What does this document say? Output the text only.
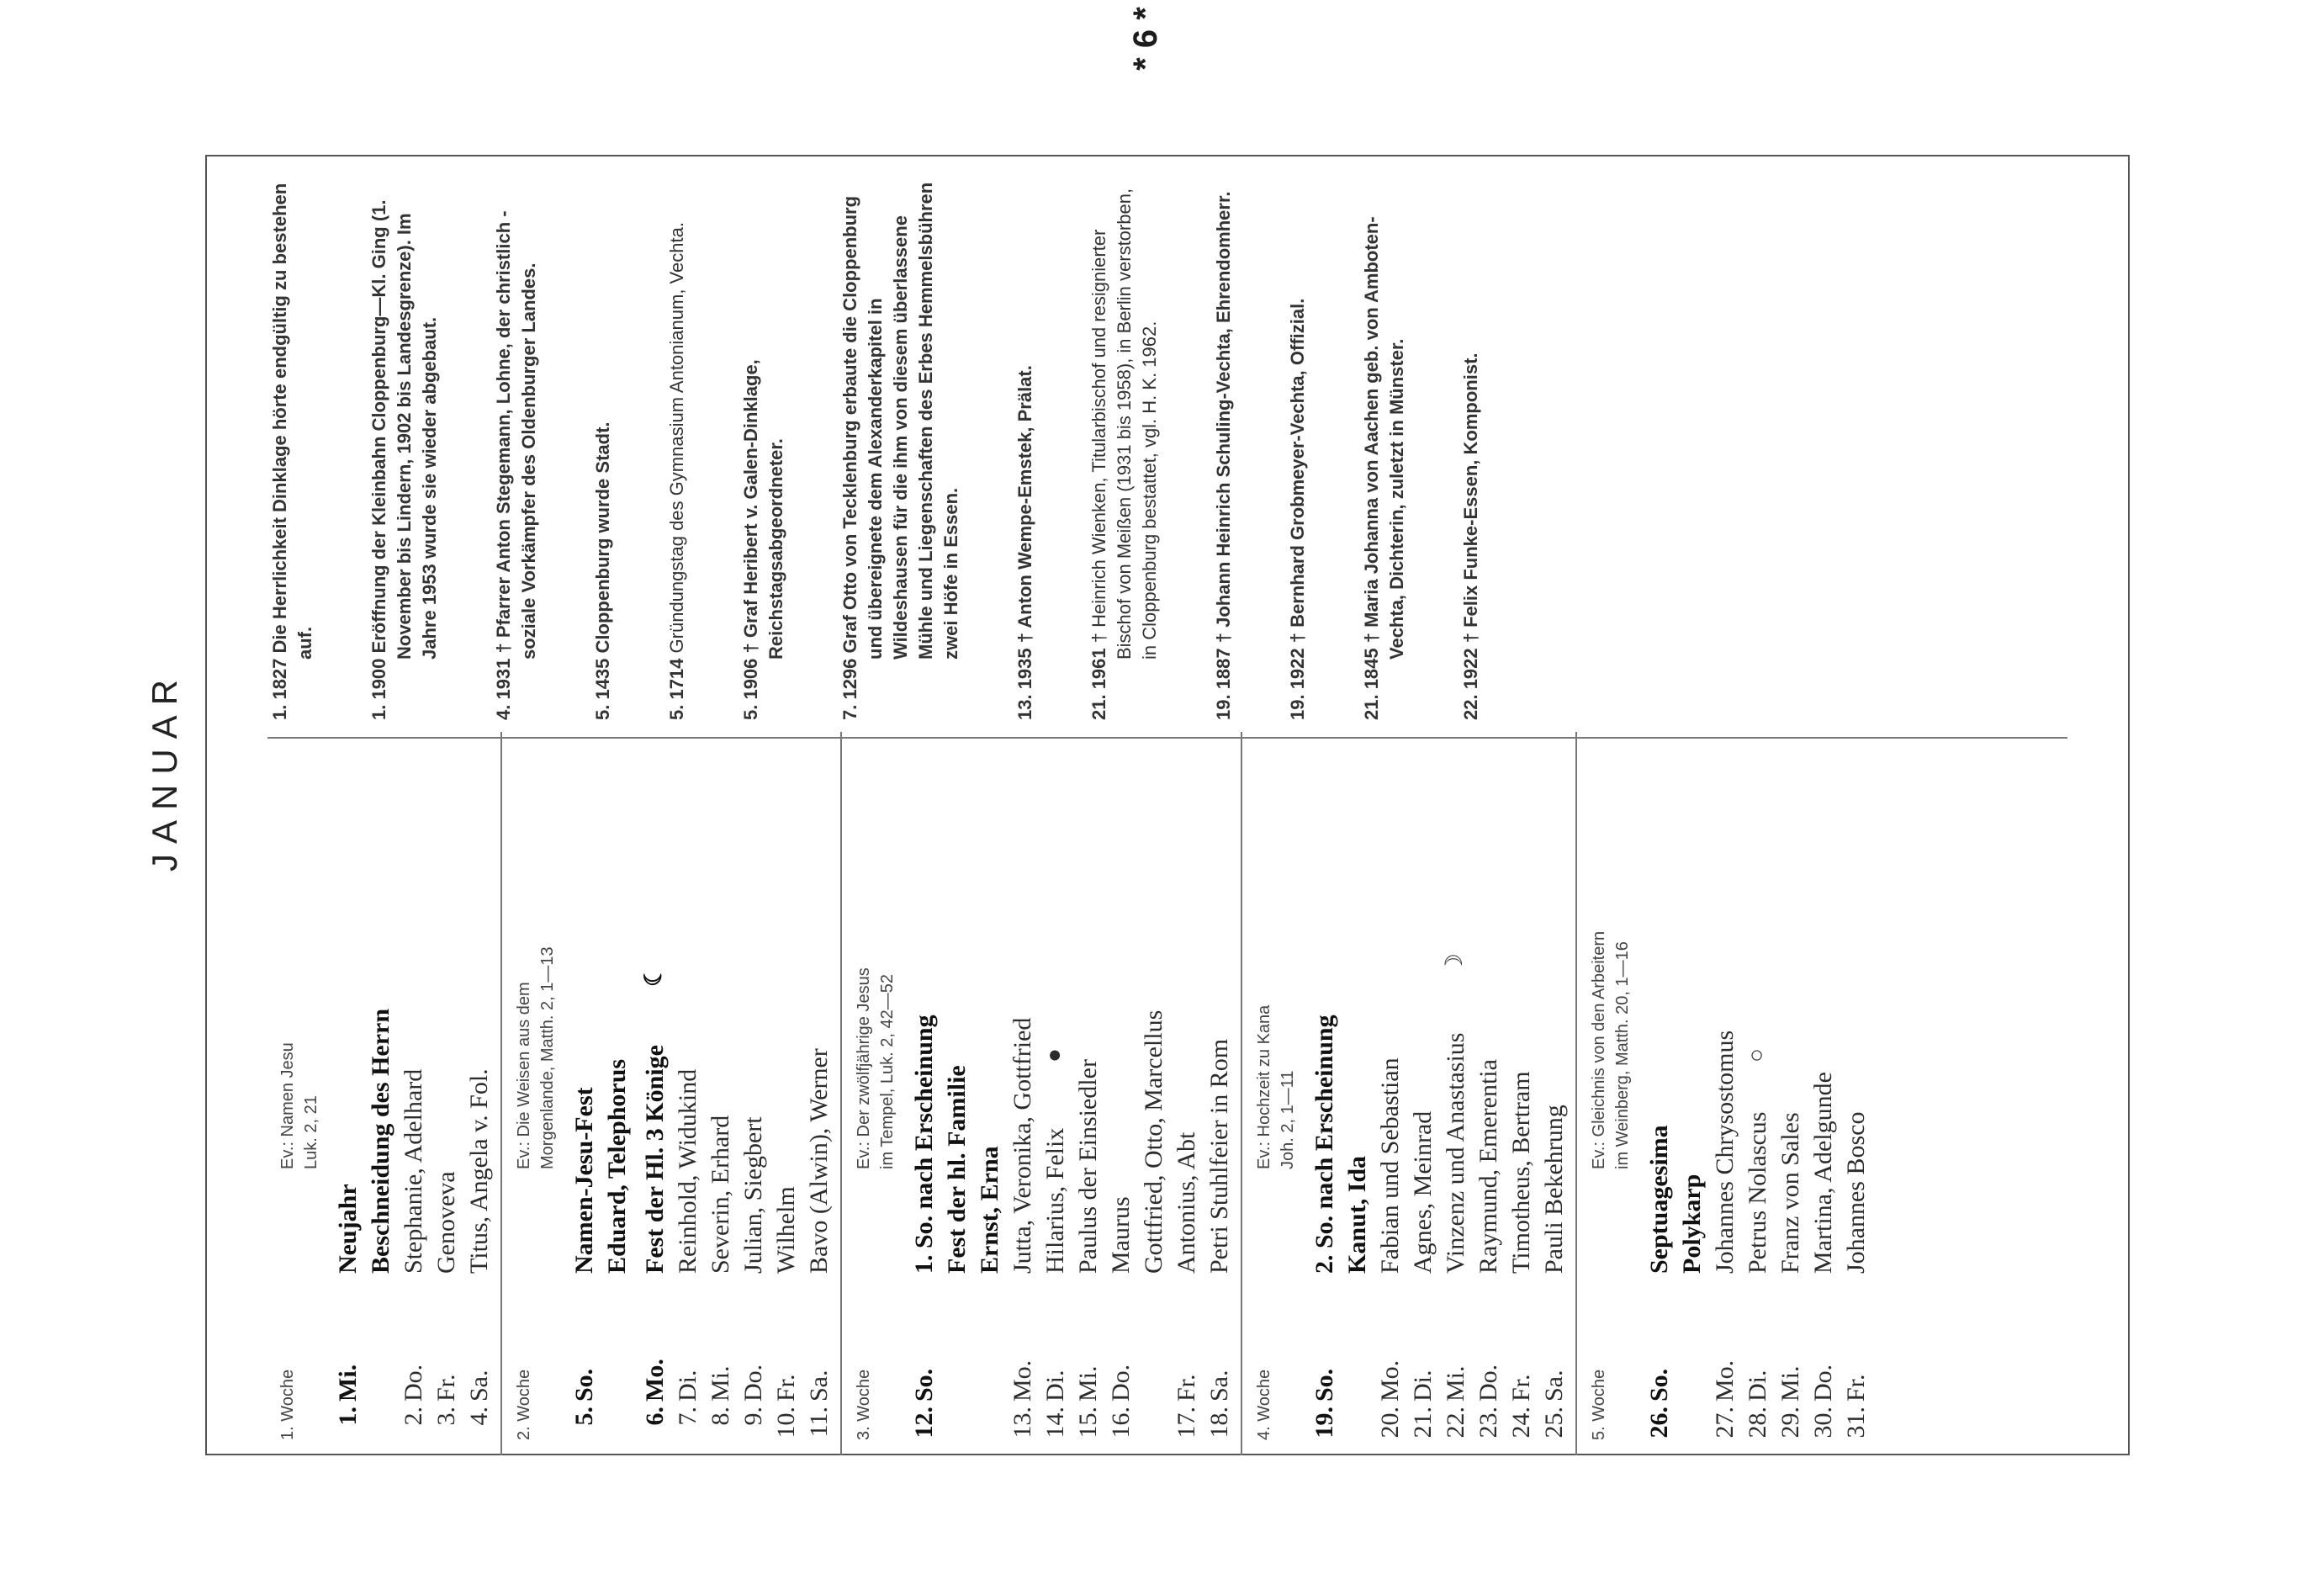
JANUAR
1. Woche
Ev.: Namen Jesu Luk. 2, 21
1.
Mi.
Neujahr Beschneidung des Herrn
2.
Do.
Stephanie, Adelhard
3.
Fr.
Genoveva
4.
Sa.
Titus, Angela v. Fol.
2. Woche
Ev.: Die Weisen aus dem Morgenlande, Matth. 2, 1—13
5.
So.
Namen-Jesu-Fest Eduard, Telephorus
6.
Mo.
Fest der Hl. 3 Könige
☾
7.
Di.
Reinhold, Widukind
8.
Mi.
Severin, Erhard
9.
Do.
Julian, Siegbert
10.
Fr.
Wilhelm
11.
Sa.
Bavo (Alwin), Werner
3. Woche
Ev.: Der zwölfjährige Jesus im Tempel, Luk. 2, 42—52
12.
So.
1. So. nach Erscheinung Fest der hl. Familie Ernst, Erna
13.
Mo.
Jutta, Veronika, Gottfried
14.
Di.
Hilarius, Felix
●
15.
Mi.
Paulus der Einsiedler
16.
Do.
Maurus Gottfried, Otto, Marcellus
17.
Fr.
Antonius, Abt
18.
Sa.
Petri Stuhlfeier in Rom
4. Woche
Ev.: Hochzeit zu Kana Joh. 2, 1—11
19.
So.
2. So. nach Erscheinung Kanut, Ida
20.
Mo.
Fabian und Sebastian
21.
Di.
Agnes, Meinrad
22.
Mi.
Vinzenz und Anastasius
☽
23.
Do.
Raymund, Emerentia
24.
Fr.
Timotheus, Bertram
25.
Sa.
Pauli Bekehrung
5. Woche
Ev.: Gleichnis von den Arbeitern im Weinberg, Matth. 20, 1—16
26.
So.
Septuagesima Polykarp
27.
Mo.
Johannes Chrysostomus
28.
Di.
Petrus Nolascus
○
29.
Mi.
Franz von Sales
30.
Do.
Martina, Adelgunde
31.
Fr.
Johannes Bosco
1. 1827 Die Herrlichkeit Dinklage hörte endgültig zu bestehen auf.
1. 1900 Eröffnung der Kleinbahn Cloppenburg—Kl. Ging (1. November bis Lindern, 1902 bis Landesgrenze). Im Jahre 1953 wurde sie wieder abgebaut.
4. 1931 † Pfarrer Anton Stegemann, Lohne, der christlich - soziale Vorkämpfer des Oldenburger Landes.
5. 1435 Cloppenburg wurde Stadt.
5. 1714 Gründungstag des Gymnasium Antonianum, Vechta.
5. 1906 † Graf Heribert v. Galen-Dinklage, Reichstagsabgeordneter.
7. 1296 Graf Otto von Tecklenburg erbaute die Cloppenburg und übereignete dem Alexanderkapitel in Wildeshausen für die ihm von diesem überlassene Mühle und Liegenschaften des Erbes Hemmelsbühren zwei Höfe in Essen.
13. 1935 † Anton Wempe-Emstek, Prälat.
21. 1961 † Heinrich Wienken, Titularbischof und resignierter Bischof von Meißen (1931 bis 1958), in Berlin verstorben, in Cloppenburg bestattet, vgl. H. K. 1962.
19. 1887 † Johann Heinrich Schuling-Vechta, Ehrendomherr.
19. 1922 † Bernhard Grobmeyer-Vechta, Offizial.
21. 1845 † Maria Johanna von Aachen geb. von Amboten-Vechta, Dichterin, zuletzt in Münster.
22. 1922 † Felix Funke-Essen, Komponist.
* 6 *
